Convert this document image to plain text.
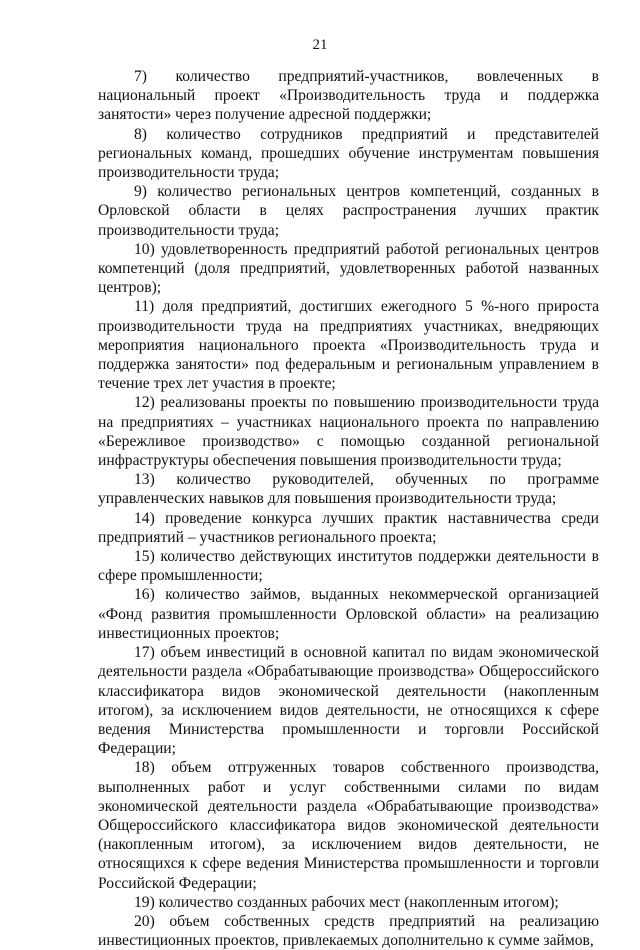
21

7) количество предприятий-участников, вовлеченных в национальный проект «Производительность труда и поддержка занятости» через получение адресной поддержки;

8) количество сотрудников предприятий и представителей региональных команд, прошедших обучение инструментам повышения производительности труда;

9) количество региональных центров компетенций, созданных в Орловской области в целях распространения лучших практик производительности труда;

10) удовлетворенность предприятий работой региональных центров компетенций (доля предприятий, удовлетворенных работой названных центров);

11) доля предприятий, достигших ежегодного 5 %-ного прироста производительности труда на предприятиях участниках, внедряющих мероприятия национального проекта «Производительность труда и поддержка занятости» под федеральным и региональным управлением в течение трех лет участия в проекте;

12) реализованы проекты по повышению производительности труда на предприятиях – участниках национального проекта по направлению «Бережливое производство» с помощью созданной региональной инфраструктуры обеспечения повышения производительности труда;

13) количество руководителей, обученных по программе управленческих навыков для повышения производительности труда;

14) проведение конкурса лучших практик наставничества среди предприятий – участников регионального проекта;

15) количество действующих институтов поддержки деятельности в сфере промышленности;

16) количество займов, выданных некоммерческой организацией «Фонд развития промышленности Орловской области» на реализацию инвестиционных проектов;

17) объем инвестиций в основной капитал по видам экономической деятельности раздела «Обрабатывающие производства» Общероссийского классификатора видов экономической деятельности (накопленным итогом), за исключением видов деятельности, не относящихся к сфере ведения Министерства промышленности и торговли Российской Федерации;

18) объем отгруженных товаров собственного производства, выполненных работ и услуг собственными силами по видам экономической деятельности раздела «Обрабатывающие производства» Общероссийского классификатора видов экономической деятельности (накопленным итогом), за исключением видов деятельности, не относящихся к сфере ведения Министерства промышленности и торговли Российской Федерации;

19) количество созданных рабочих мест (накопленным итогом);

20) объем собственных средств предприятий на реализацию инвестиционных проектов, привлекаемых дополнительно к сумме займов,
